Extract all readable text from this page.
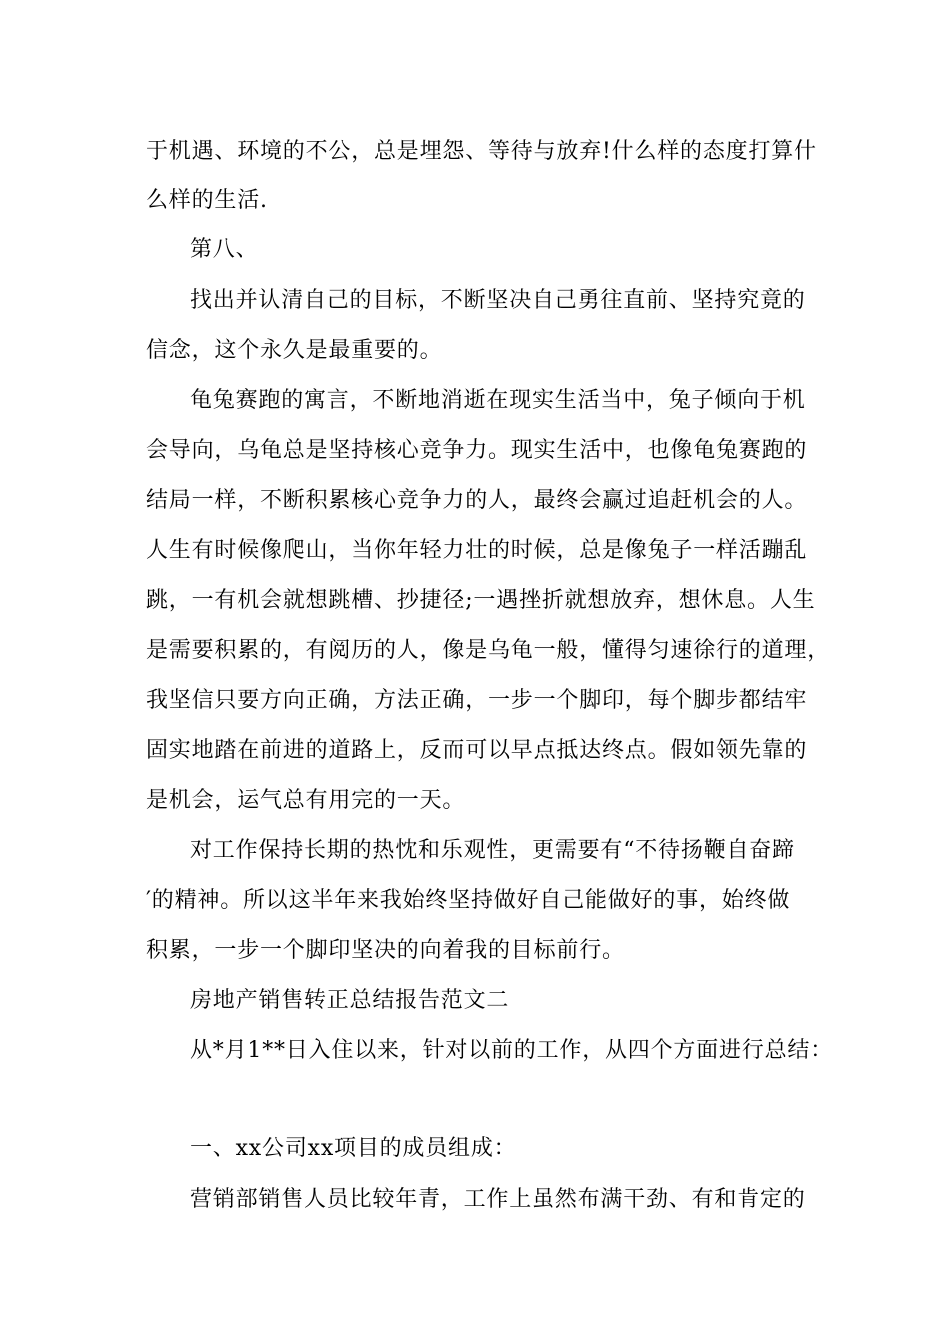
于机遇、环境的不公，总是埋怨、等待与放弃!什么样的态度打算什
么样的生活.
第八、
找出并认清自己的目标，不断坚决自己勇往直前、坚持究竟的
信念，这个永久是最重要的。
龟兔赛跑的寓言，不断地消逝在现实生活当中，兔子倾向于机
会导向，乌龟总是坚持核心竞争力。现实生活中，也像龟兔赛跑的
结局一样，不断积累核心竞争力的人，最终会赢过追赶机会的人。
人生有时候像爬山，当你年轻力壮的时候，总是像兔子一样活蹦乱
跳，一有机会就想跳槽、抄捷径;一遇挫折就想放弃，想休息。人生
是需要积累的，有阅历的人，像是乌龟一般，懂得匀速徐行的道理，
我坚信只要方向正确，方法正确，一步一个脚印，每个脚步都结牢
固实地踏在前进的道路上，反而可以早点抵达终点。假如领先靠的
是机会，运气总有用完的一天。
对工作保持长期的热忱和乐观性，更需要有“不待扬鞭自奋蹄
′的精神。所以这半年来我始终坚持做好自己能做好的事，始终做
积累，一步一个脚印坚决的向着我的目标前行。
房地产销售转正总结报告范文二
从*月1**日入住以来，针对以前的工作，从四个方面进行总结：
一、xx公司xx项目的成员组成：
营销部销售人员比较年青，工作上虽然布满干劲、有和肯定的
